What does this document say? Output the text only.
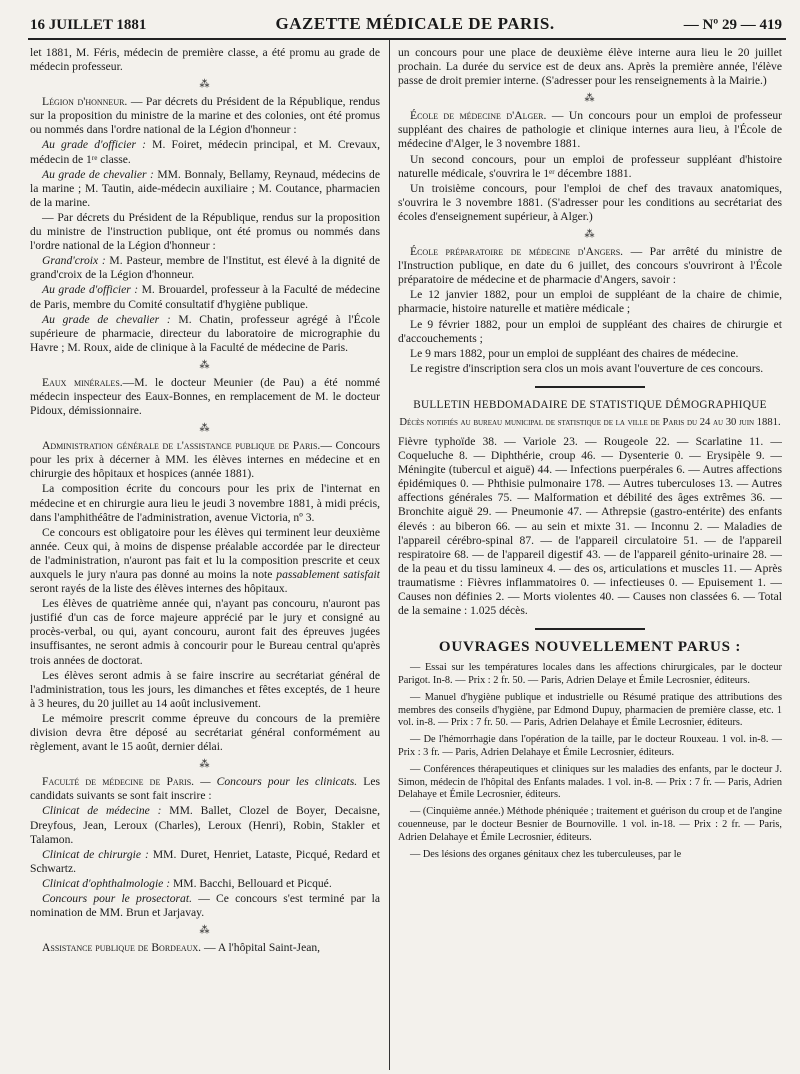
16 JUILLET 1881	GAZETTE MÉDICALE DE PARIS.	— Nº 29 — 419

let 1881, M. Féris, médecin de première classe, a été promu au grade de médecin professeur.

⁂

Légion d'honneur. — Par décrets du Président de la République, rendus sur la proposition du ministre de la marine et des colonies, ont été promus ou nommés dans l'ordre national de la Légion d'honneur :

Au grade d'officier : M. Foiret, médecin principal, et M. Crevaux, médecin de 1ʳᵉ classe.

Au grade de chevalier : MM. Bonnaly, Bellamy, Reynaud, médecins de la marine ; M. Tautin, aide-médecin auxiliaire ; M. Coutance, pharmacien de la marine.

— Par décrets du Président de la République, rendus sur la proposition du ministre de l'instruction publique, ont été promus ou nommés dans l'ordre national de la Légion d'honneur :

Grand'croix : M. Pasteur, membre de l'Institut, est élevé à la dignité de grand'croix de la Légion d'honneur.

Au grade d'officier : M. Brouardel, professeur à la Faculté de médecine de Paris, membre du Comité consultatif d'hygiène publique.

Au grade de chevalier : M. Chatin, professeur agrégé à l'École supérieure de pharmacie, directeur du laboratoire de micrographie du Havre ; M. Roux, aide de clinique à la Faculté de médecine de Paris.

⁂

Eaux minérales.—M. le docteur Meunier (de Pau) a été nommé médecin inspecteur des Eaux-Bonnes, en remplacement de M. le docteur Pidoux, démissionnaire.

⁂

Administration générale de l'assistance publique de Paris.— Concours pour les prix à décerner à MM. les élèves internes en médecine et en chirurgie des hôpitaux et hospices (année 1881).

La composition écrite du concours pour les prix de l'internat en médecine et en chirurgie aura lieu le jeudi 3 novembre 1881, à midi précis, dans l'amphithéâtre de l'administration, avenue Victoria, nº 3.

Ce concours est obligatoire pour les élèves qui terminent leur deuxième année. Ceux qui, à moins de dispense préalable accordée par le directeur de l'administration, n'auront pas fait et lu la composition prescrite et ceux auxquels le jury n'aura pas donné au moins la note passablement satisfait seront rayés de la liste des élèves internes des hôpitaux.

Les élèves de quatrième année qui, n'ayant pas concouru, n'auront pas justifié d'un cas de force majeure apprécié par le jury et consigné au procès-verbal, ou qui, ayant concouru, auront fait des épreuves jugées insuffisantes, ne seront admis à concourir pour le Bureau central qu'après trois années de doctorat.

Les élèves seront admis à se faire inscrire au secrétariat général de l'administration, tous les jours, les dimanches et fêtes exceptés, de 1 heure à 3 heures, du 20 juillet au 14 août inclusivement.

Le mémoire prescrit comme épreuve du concours de la première division devra être déposé au secrétariat général conformément au règlement, avant le 15 août, dernier délai.

⁂

Faculté de médecine de Paris. — Concours pour les clinicats. Les candidats suivants se sont fait inscrire :

Clinicat de médecine : MM. Ballet, Clozel de Boyer, Decaisne, Dreyfous, Jean, Leroux (Charles), Leroux (Henri), Robin, Stakler et Talamon.

Clinicat de chirurgie : MM. Duret, Henriet, Lataste, Picqué, Redard et Schwartz.

Clinicat d'ophthalmologie : MM. Bacchi, Bellouard et Picqué.

Concours pour le prosectorat. — Ce concours s'est terminé par la nomination de MM. Brun et Jarjavay.

⁂

Assistance publique de Bordeaux. — A l'hôpital Saint-Jean,

un concours pour une place de deuxième élève interne aura lieu le 20 juillet prochain. La durée du service est de deux ans. Après la première année, l'élève passe de droit premier interne. (S'adresser pour les renseignements à la Mairie.)

⁂

École de médecine d'Alger. — Un concours pour un emploi de professeur suppléant des chaires de pathologie et clinique internes aura lieu, à l'École de médecine d'Alger, le 3 novembre 1881.

Un second concours, pour un emploi de professeur suppléant d'histoire naturelle médicale, s'ouvrira le 1ᵉʳ décembre 1881.

Un troisième concours, pour l'emploi de chef des travaux anatomiques, s'ouvrira le 3 novembre 1881. (S'adresser pour les conditions au secrétariat des écoles d'enseignement supérieur, à Alger.)

⁂

École préparatoire de médecine d'Angers. — Par arrêté du ministre de l'Instruction publique, en date du 6 juillet, des concours s'ouvriront à l'École préparatoire de médecine et de pharmacie d'Angers, savoir :

Le 12 janvier 1882, pour un emploi de suppléant de la chaire de chimie, pharmacie, histoire naturelle et matière médicale ;

Le 9 février 1882, pour un emploi de suppléant des chaires de chirurgie et d'accouchements ;

Le 9 mars 1882, pour un emploi de suppléant des chaires de médecine.

Le registre d'inscription sera clos un mois avant l'ouverture de ces concours.

BULLETIN HEBDOMADAIRE DE STATISTIQUE DÉMOGRAPHIQUE
Décès notifiés au bureau municipal de statistique de la ville de Paris du 24 au 30 juin 1881.

Fièvre typhoïde 38. — Variole 23. — Rougeole 22. — Scarlatine 11. — Coqueluche 8. — Diphthérie, croup 46. — Dysenterie 0. — Erysipèle 9. — Méningite (tubercul et aiguë) 44. — Infections puerpérales 6. — Autres affections épidémiques 0. — Phthisie pulmonaire 178. — Autres tuberculoses 13. — Autres affections générales 75. — Malformation et débilité des âges extrêmes 36. — Bronchite aiguë 29. — Pneumonie 47. — Athrepsie (gastro-entérite) des enfants élevés : au biberon 66. — au sein et mixte 31. — Inconnu 2. — Maladies de l'appareil cérébro-spinal 87. — de l'appareil circulatoire 51. — de l'appareil respiratoire 68. — de l'appareil digestif 43. — de l'appareil génito-urinaire 28. — de la peau et du tissu lamineux 4. — des os, articulations et muscles 11. — Après traumatisme : Fièvres inflammatoires 0. — infectieuses 0. — Epuisement 1. — Causes non définies 2. — Morts violentes 40. — Causes non classées 6. — Total de la semaine : 1.025 décès.

OUVRAGES NOUVELLEMENT PARUS :

— Essai sur les températures locales dans les affections chirurgicales, par le docteur Parigot. In-8. — Prix : 2 fr. 50. — Paris, Adrien Delaye et Émile Lecrosnier, éditeurs.

— Manuel d'hygiène publique et industrielle ou Résumé pratique des attributions des membres des conseils d'hygiène, par Edmond Dupuy, pharmacien de première classe, etc. 1 vol. in-8. — Prix : 7 fr. 50. — Paris, Adrien Delahaye et Émile Lecrosnier, éditeurs.

— De l'hémorrhagie dans l'opération de la taille, par le docteur Rouxeau. 1 vol. in-8. — Prix : 3 fr. — Paris, Adrien Delahaye et Émile Lecrosnier, éditeurs.

— Conférences thérapeutiques et cliniques sur les maladies des enfants, par le docteur J. Simon, médecin de l'hôpital des Enfants malades. 1 vol. in-8. — Prix : 7 fr. — Paris, Adrien Delahaye et Émile Lecrosnier, éditeurs.

— (Cinquième année.) Méthode phéniquée ; traitement et guérison du croup et de l'angine couenneuse, par le docteur Besnier de Bournoville. 1 vol. in-18. — Prix : 2 fr. — Paris, Adrien Delahaye et Émile Lecrosnier, éditeurs.

— Des lésions des organes génitaux chez les tuberculeuses, par le
